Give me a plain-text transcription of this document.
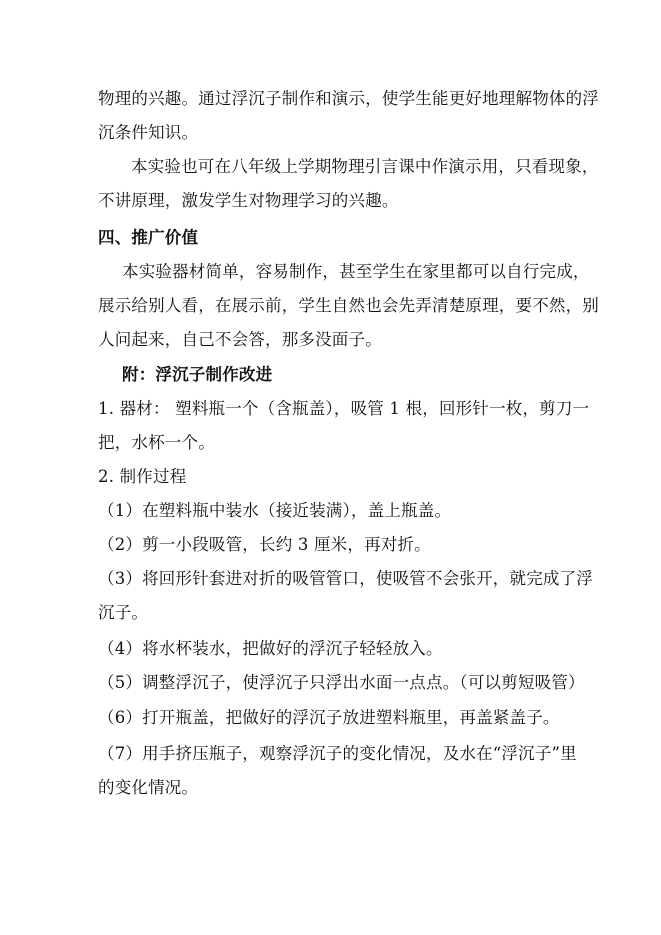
物理的兴趣。通过浮沉子制作和演示，使学生能更好地理解物体的浮
沉条件知识。
本实验也可在八年级上学期物理引言课中作演示用，只看现象，
不讲原理，激发学生对物理学习的兴趣。
四、推广价值
本实验器材简单，容易制作，甚至学生在家里都可以自行完成，
展示给别人看，在展示前，学生自然也会先弄清楚原理，要不然，别
人问起来，自己不会答，那多没面子。
附：浮沉子制作改进
1. 器材： 塑料瓶一个（含瓶盖），吸管 1 根，回形针一枚，剪刀一
把，水杯一个。
2. 制作过程
（1）在塑料瓶中装水（接近装满），盖上瓶盖。
（2）剪一小段吸管，长约 3 厘米，再对折。
（3）将回形针套进对折的吸管管口，使吸管不会张开，就完成了浮
沉子。
（4）将水杯装水，把做好的浮沉子轻轻放入。
（5）调整浮沉子，使浮沉子只浮出水面一点点。（可以剪短吸管）
（6）打开瓶盖，把做好的浮沉子放进塑料瓶里，再盖紧盖子。
（7）用手挤压瓶子，观察浮沉子的变化情况，及水在“浮沉子”里
的变化情况。
